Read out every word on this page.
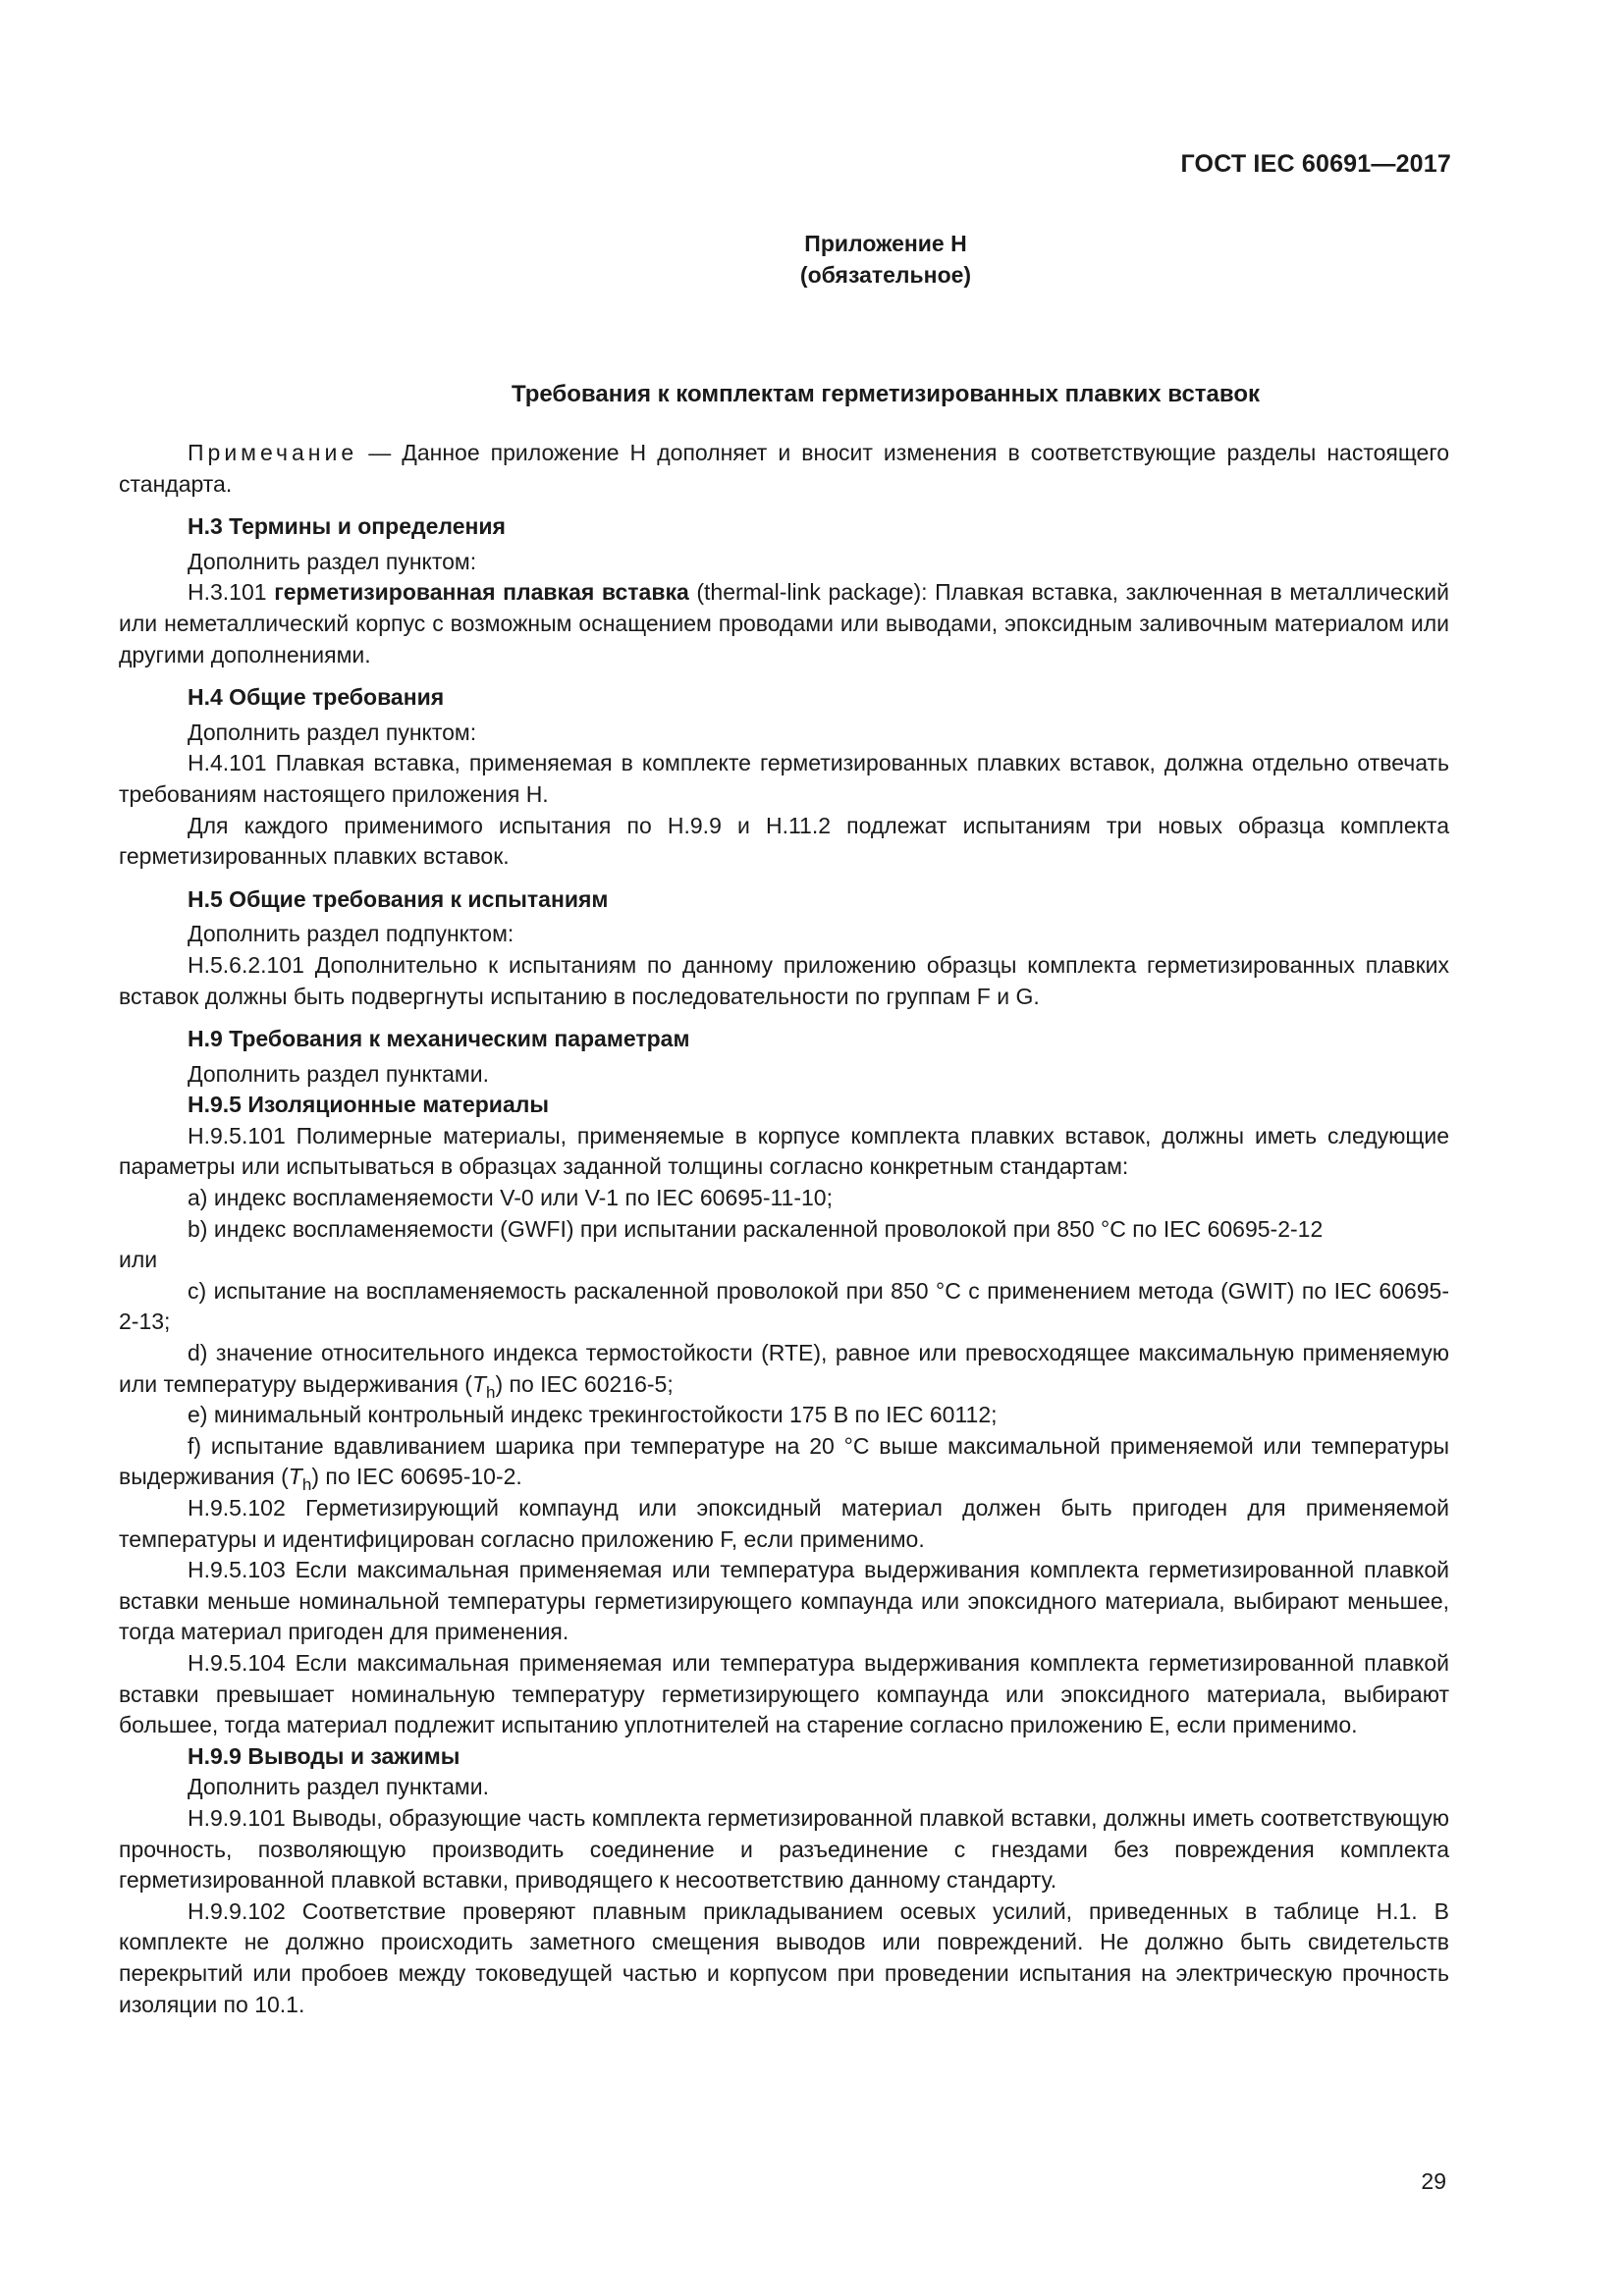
ГОСТ IEC 60691—2017
Приложение Н
(обязательное)
Требования к комплектам герметизированных плавких вставок

Примечание — Данное приложение Н дополняет и вносит изменения в соответствующие разделы настоящего стандарта.

Н.3 Термины и определения

Дополнить раздел пунктом:

Н.3.101 герметизированная плавкая вставка (thermal-link package): Плавкая вставка, заключенная в металлический или неметаллический корпус с возможным оснащением проводами или выводами, эпоксидным заливочным материалом или другими дополнениями.

Н.4 Общие требования

Дополнить раздел пунктом:

Н.4.101 Плавкая вставка, применяемая в комплекте герметизированных плавких вставок, должна отдельно отвечать требованиям настоящего приложения Н.

Для каждого применимого испытания по Н.9.9 и Н.11.2 подлежат испытаниям три новых образца комплекта герметизированных плавких вставок.

Н.5 Общие требования к испытаниям

Дополнить раздел подпунктом:

Н.5.6.2.101 Дополнительно к испытаниям по данному приложению образцы комплекта герметизированных плавких вставок должны быть подвергнуты испытанию в последовательности по группам F и G.

Н.9 Требования к механическим параметрам

Дополнить раздел пунктами.

Н.9.5 Изоляционные материалы

Н.9.5.101 Полимерные материалы, применяемые в корпусе комплекта плавких вставок, должны иметь следующие параметры или испытываться в образцах заданной толщины согласно конкретным стандартам:

а) индекс воспламеняемости V-0 или V-1 по IEC 60695-11-10;

b) индекс воспламеняемости (GWFI) при испытании раскаленной проволокой при 850 °С по IEC 60695-2-12

или

с) испытание на воспламеняемость раскаленной проволокой при 850 °С с применением метода (GWIT) по IEC 60695-2-13;

d) значение относительного индекса термостойкости (RTE), равное или превосходящее максимальную применяемую или температуру выдерживания $(T_h)$ по IEC 60216-5;

е) минимальный контрольный индекс трекингостойкости 175 В по IEC 60112;

f) испытание вдавливанием шарика при температуре на 20 °С выше максимальной применяемой или температуры выдерживания $(T_h)$ по IEC 60695-10-2.

Н.9.5.102 Герметизирующий компаунд или эпоксидный материал должен быть пригоден для применяемой температуры и идентифицирован согласно приложению F, если применимо.

Н.9.5.103 Если максимальная применяемая или температура выдерживания комплекта герметизированной плавкой вставки меньше номинальной температуры герметизирующего компаунда или эпоксидного материала, выбирают меньшее, тогда материал пригоден для применения.

Н.9.5.104 Если максимальная применяемая или температура выдерживания комплекта герметизированной плавкой вставки превышает номинальную температуру герметизирующего компаунда или эпоксидного материала, выбирают большее, тогда материал подлежит испытанию уплотнителей на старение согласно приложению Е, если применимо.

Н.9.9 Выводы и зажимы

Дополнить раздел пунктами.

Н.9.9.101 Выводы, образующие часть комплекта герметизированной плавкой вставки, должны иметь соответствующую прочность, позволяющую производить соединение и разъединение с гнездами без повреждения комплекта герметизированной плавкой вставки, приводящего к несоответствию данному стандарту.

Н.9.9.102 Соответствие проверяют плавным прикладыванием осевых усилий, приведенных в таблице Н.1. В комплекте не должно происходить заметного смещения выводов или повреждений. Не должно быть свидетельств перекрытий или пробоев между токоведущей частью и корпусом при проведении испытания на электрическую прочность изоляции по 10.1.

29
